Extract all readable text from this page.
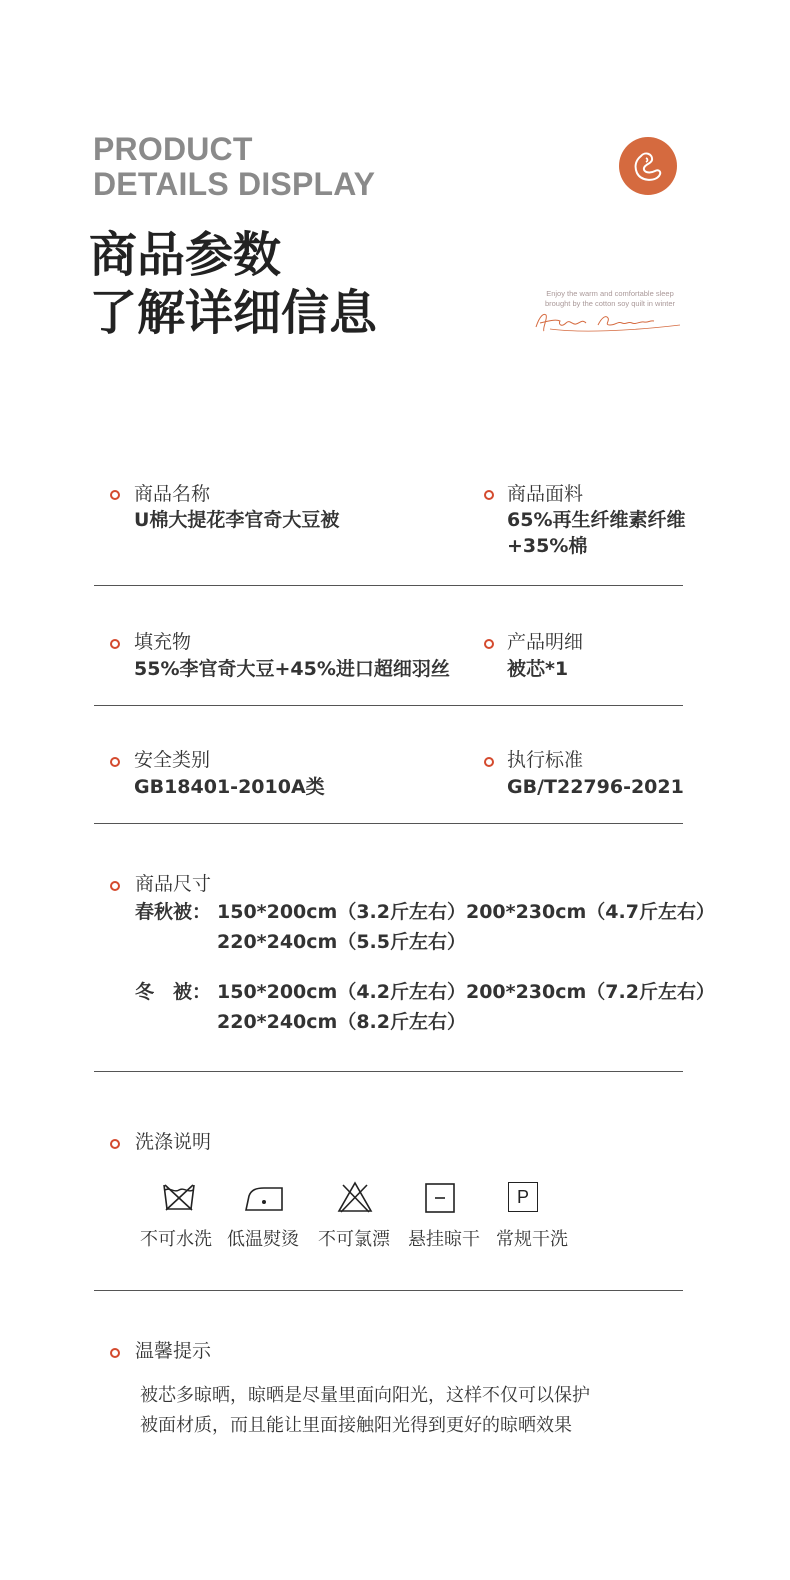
PRODUCT
DETAILS DISPLAY
商品参数
了解详细信息	Enjoy the warm and comfortable sleep
brought by the cotton soy quilt in winter
商品名称
U棉大提花李官奇大豆被
商品面料
65%再生纤维素纤维
+35%棉
填充物
55%李官奇大豆+45%进口超细羽丝
产品明细
被芯*1
安全类别
GB18401-2010A类
执行标准
GB/T22796-2021
商品尺寸
春秋被： 150*200cm（3.2斤左右）200*230cm（4.7斤左右）
220*240cm（5.5斤左右）
冬　被： 150*200cm（4.2斤左右）200*230cm（7.2斤左右）
220*240cm（8.2斤左右）
洗涤说明
P
不可水洗 低温熨烫 不可氯漂 悬挂晾干 常规干洗
温馨提示
被芯多晾晒，晾晒是尽量里面向阳光，这样不仅可以保护
被面材质，而且能让里面接触阳光得到更好的晾晒效果
